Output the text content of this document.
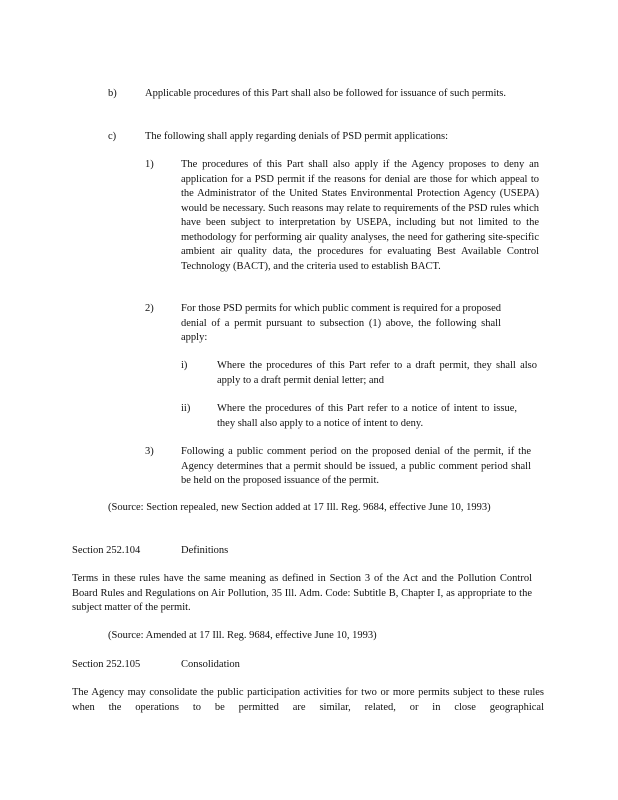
b)	Applicable procedures of this Part shall also be followed for issuance of such permits.
c)	The following shall apply regarding denials of PSD permit applications:
1)	The procedures of this Part shall also apply if the Agency proposes to deny an application for a PSD permit if the reasons for denial are those for which appeal to the Administrator of the United States Environmental Protection Agency (USEPA) would be necessary. Such reasons may relate to requirements of the PSD rules which have been subject to interpretation by USEPA, including but not limited to the methodology for performing air quality analyses, the need for gathering site-specific ambient air quality data, the procedures for evaluating Best Available Control Technology (BACT), and the criteria used to establish BACT.
2)	For those PSD permits for which public comment is required for a proposed denial of a permit pursuant to subsection (1) above, the following shall apply:
i)	Where the procedures of this Part refer to a draft permit, they shall also apply to a draft permit denial letter; and
ii)	Where the procedures of this Part refer to a notice of intent to issue, they shall also apply to a notice of intent to deny.
3)	Following a public comment period on the proposed denial of the permit, if the Agency determines that a permit should be issued, a public comment period shall be held on the proposed issuance of the permit.
(Source: Section repealed, new Section added at 17 Ill. Reg. 9684, effective June 10, 1993)
Section 252.104	Definitions
Terms in these rules have the same meaning as defined in Section 3 of the Act and the Pollution Control Board Rules and Regulations on Air Pollution, 35 Ill. Adm. Code: Subtitle B, Chapter I, as appropriate to the subject matter of the permit.
(Source: Amended at 17 Ill. Reg. 9684, effective June 10, 1993)
Section 252.105	Consolidation
The Agency may consolidate the public participation activities for two or more permits subject to these rules when the operations to be permitted are similar, related, or in close geographical
